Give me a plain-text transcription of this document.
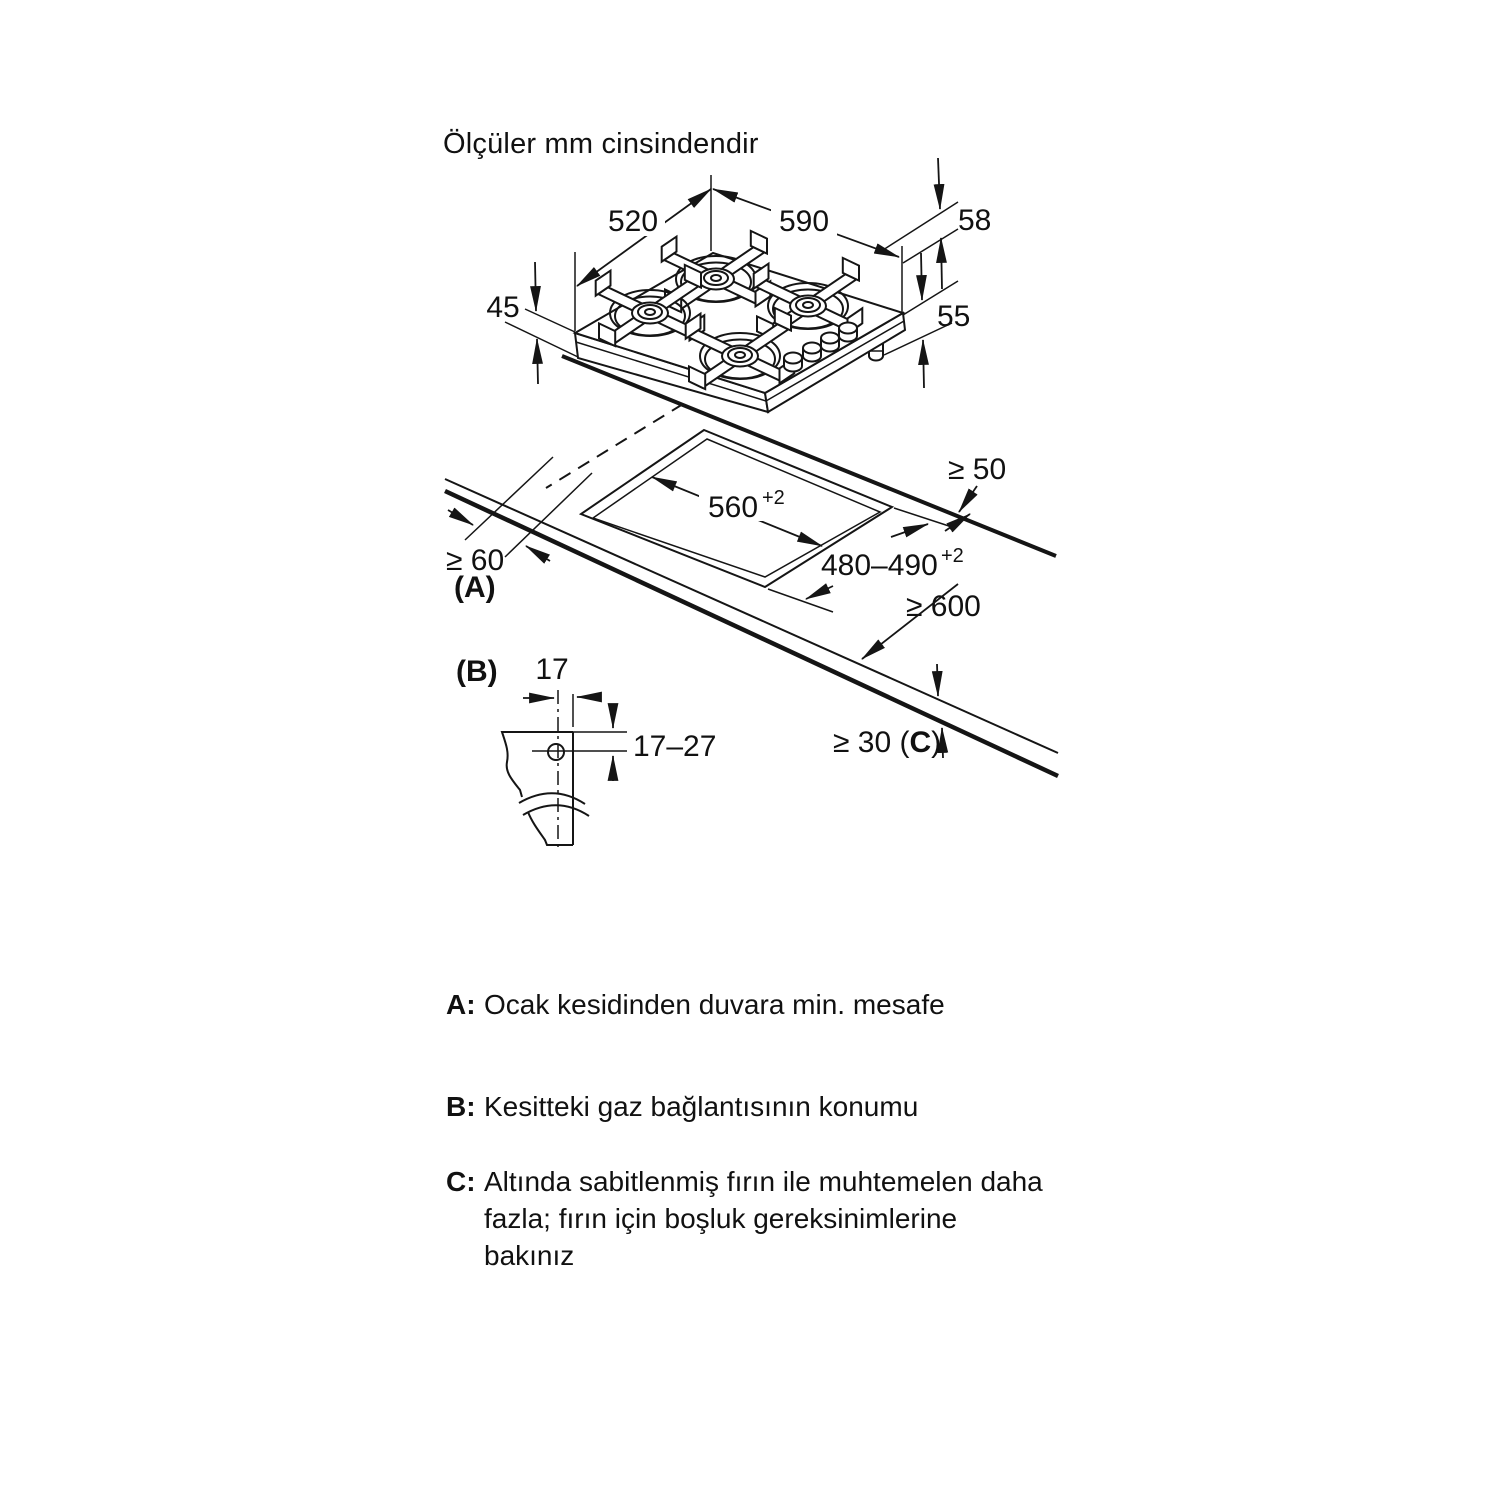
Ölçüler mm cinsindendir
520	590	58
55
45
560 +2
480–490 +2
≥ 50
≥ 600
≥ 60
(A)
≥ 30 (C)
(B) 17
17–27
A: Ocak kesidinden duvara min. mesafe
B: Kesitteki gaz bağlantısının konumu
C: Altında sabitlenmiş fırın ile muhtemelen daha fazla; fırın için boşluk gereksinimlerine bakınız
